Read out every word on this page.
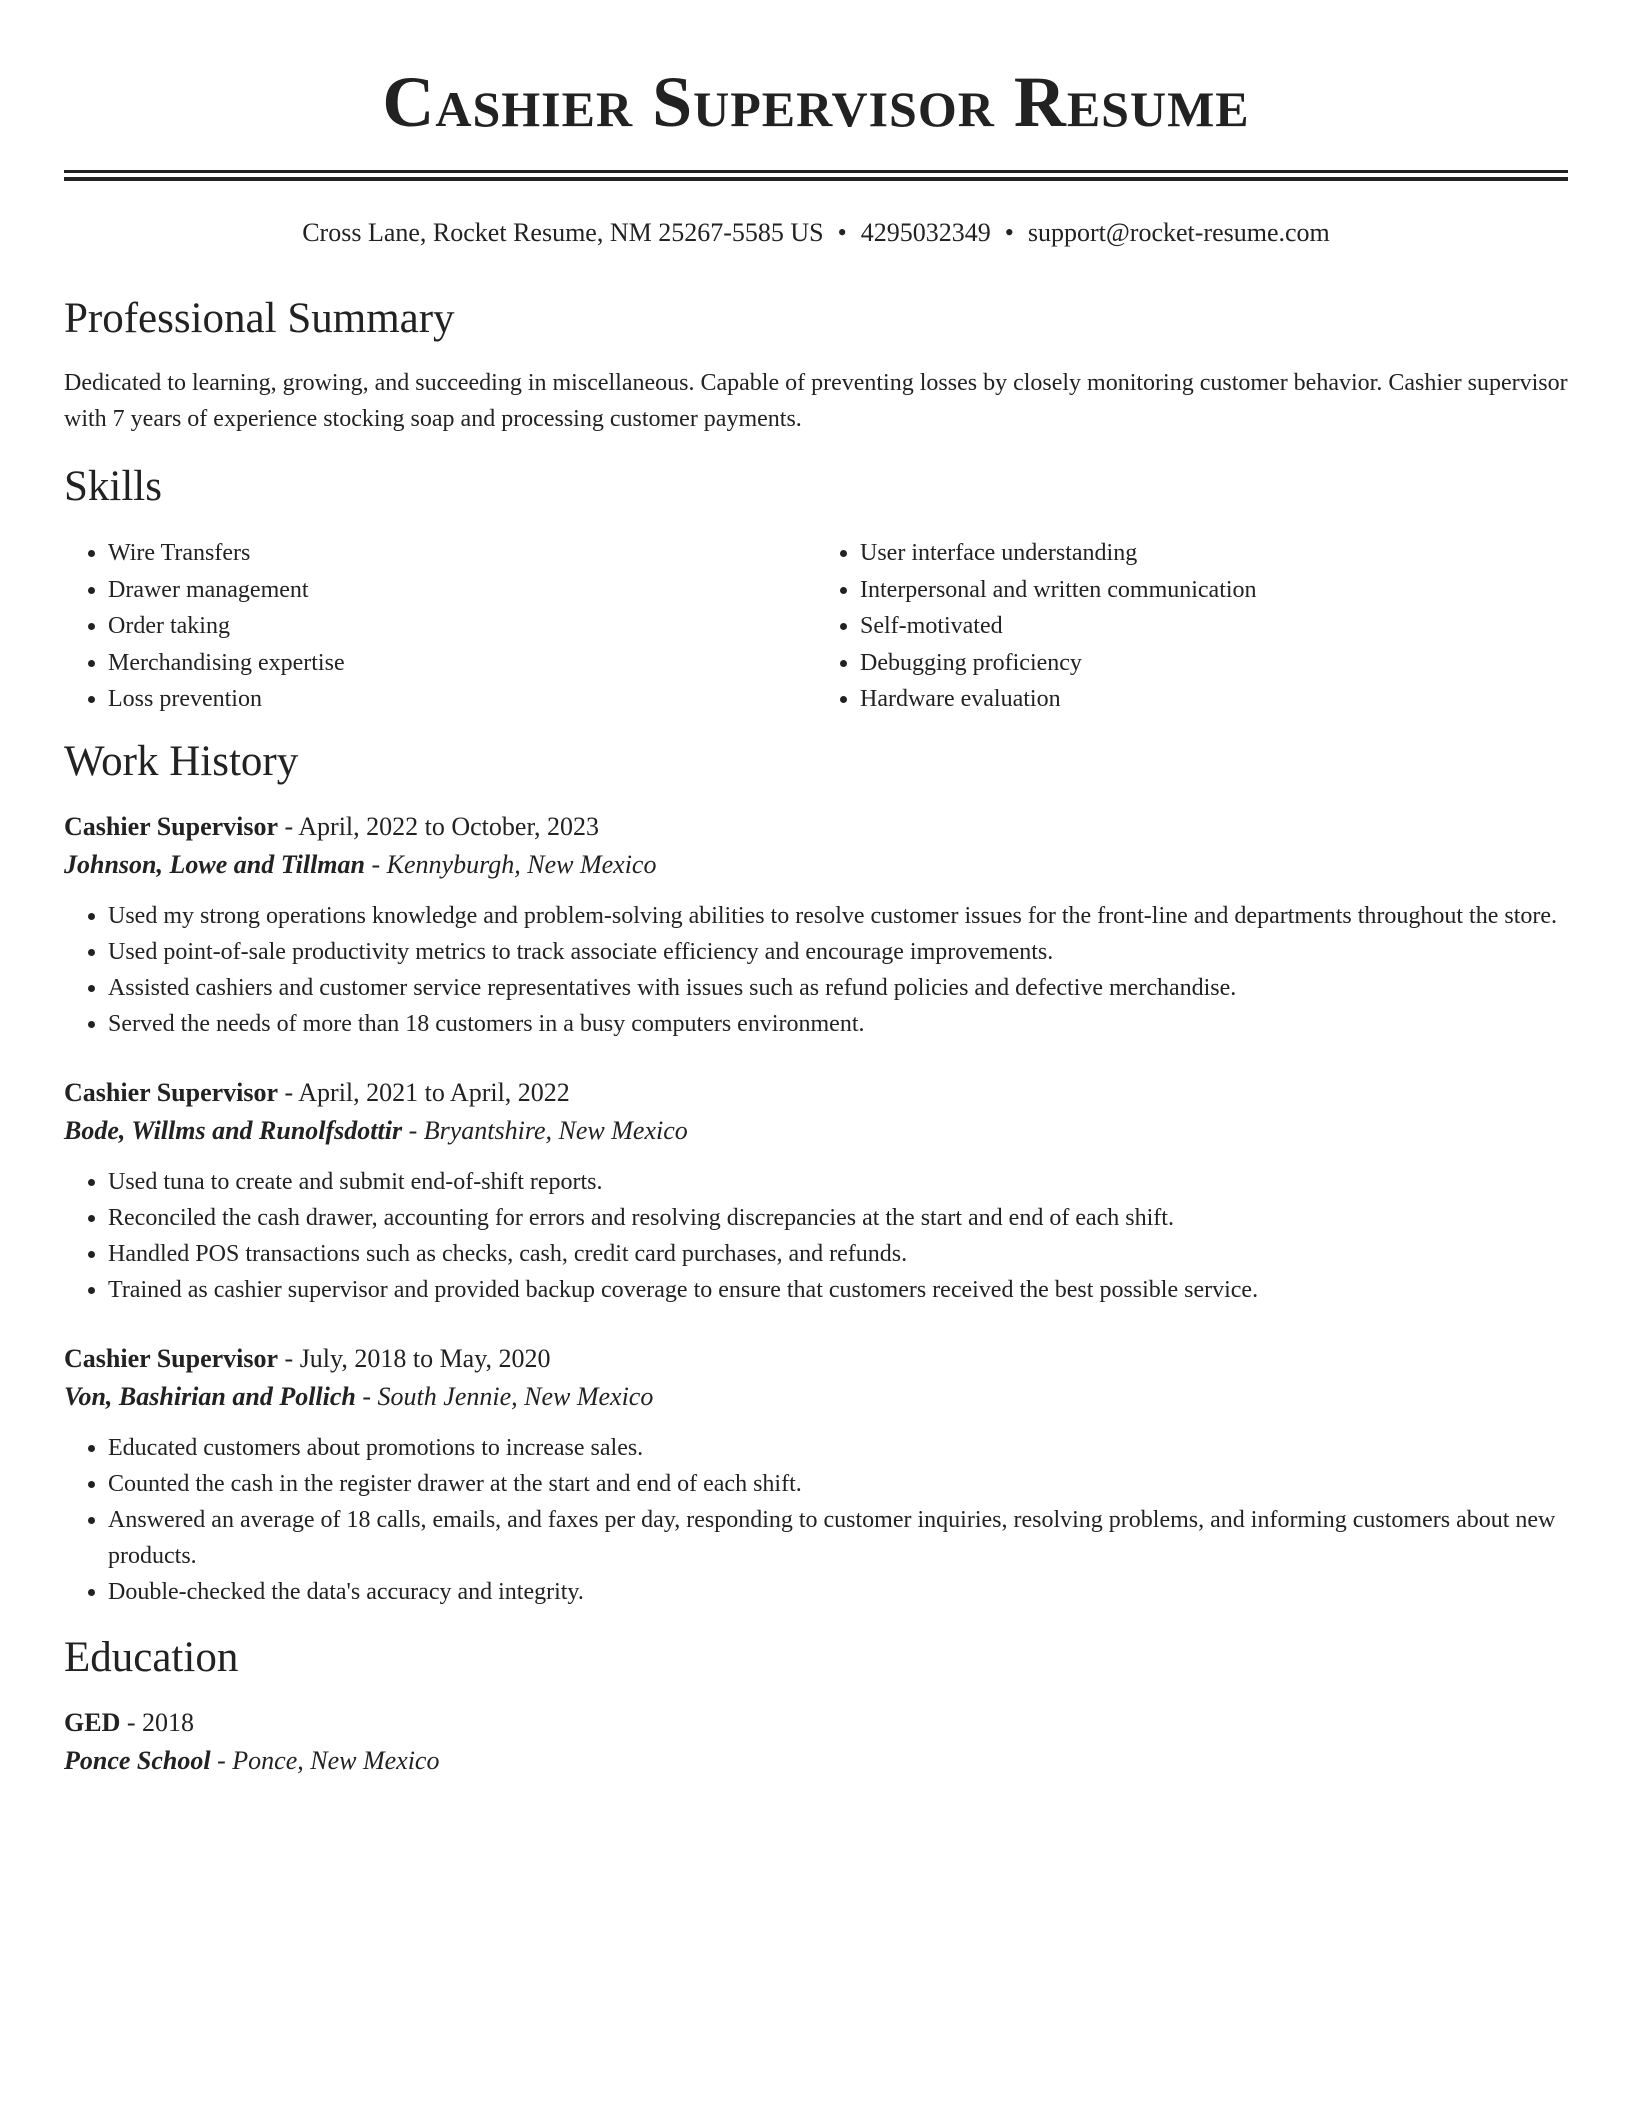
Cashier Supervisor Resume
Cross Lane, Rocket Resume, NM 25267-5585 US • 4295032349 • support@rocket-resume.com
Professional Summary
Dedicated to learning, growing, and succeeding in miscellaneous. Capable of preventing losses by closely monitoring customer behavior. Cashier supervisor with 7 years of experience stocking soap and processing customer payments.
Skills
• Wire Transfers
• Drawer management
• Order taking
• Merchandising expertise
• Loss prevention
• User interface understanding
• Interpersonal and written communication
• Self-motivated
• Debugging proficiency
• Hardware evaluation
Work History
Cashier Supervisor - April, 2022 to October, 2023
Johnson, Lowe and Tillman - Kennyburgh, New Mexico
• Used my strong operations knowledge and problem-solving abilities to resolve customer issues for the front-line and departments throughout the store.
• Used point-of-sale productivity metrics to track associate efficiency and encourage improvements.
• Assisted cashiers and customer service representatives with issues such as refund policies and defective merchandise.
• Served the needs of more than 18 customers in a busy computers environment.
Cashier Supervisor - April, 2021 to April, 2022
Bode, Willms and Runolfsdottir - Bryantshire, New Mexico
• Used tuna to create and submit end-of-shift reports.
• Reconciled the cash drawer, accounting for errors and resolving discrepancies at the start and end of each shift.
• Handled POS transactions such as checks, cash, credit card purchases, and refunds.
• Trained as cashier supervisor and provided backup coverage to ensure that customers received the best possible service.
Cashier Supervisor - July, 2018 to May, 2020
Von, Bashirian and Pollich - South Jennie, New Mexico
• Educated customers about promotions to increase sales.
• Counted the cash in the register drawer at the start and end of each shift.
• Answered an average of 18 calls, emails, and faxes per day, responding to customer inquiries, resolving problems, and informing customers about new products.
• Double-checked the data's accuracy and integrity.
Education
GED - 2018
Ponce School - Ponce, New Mexico
